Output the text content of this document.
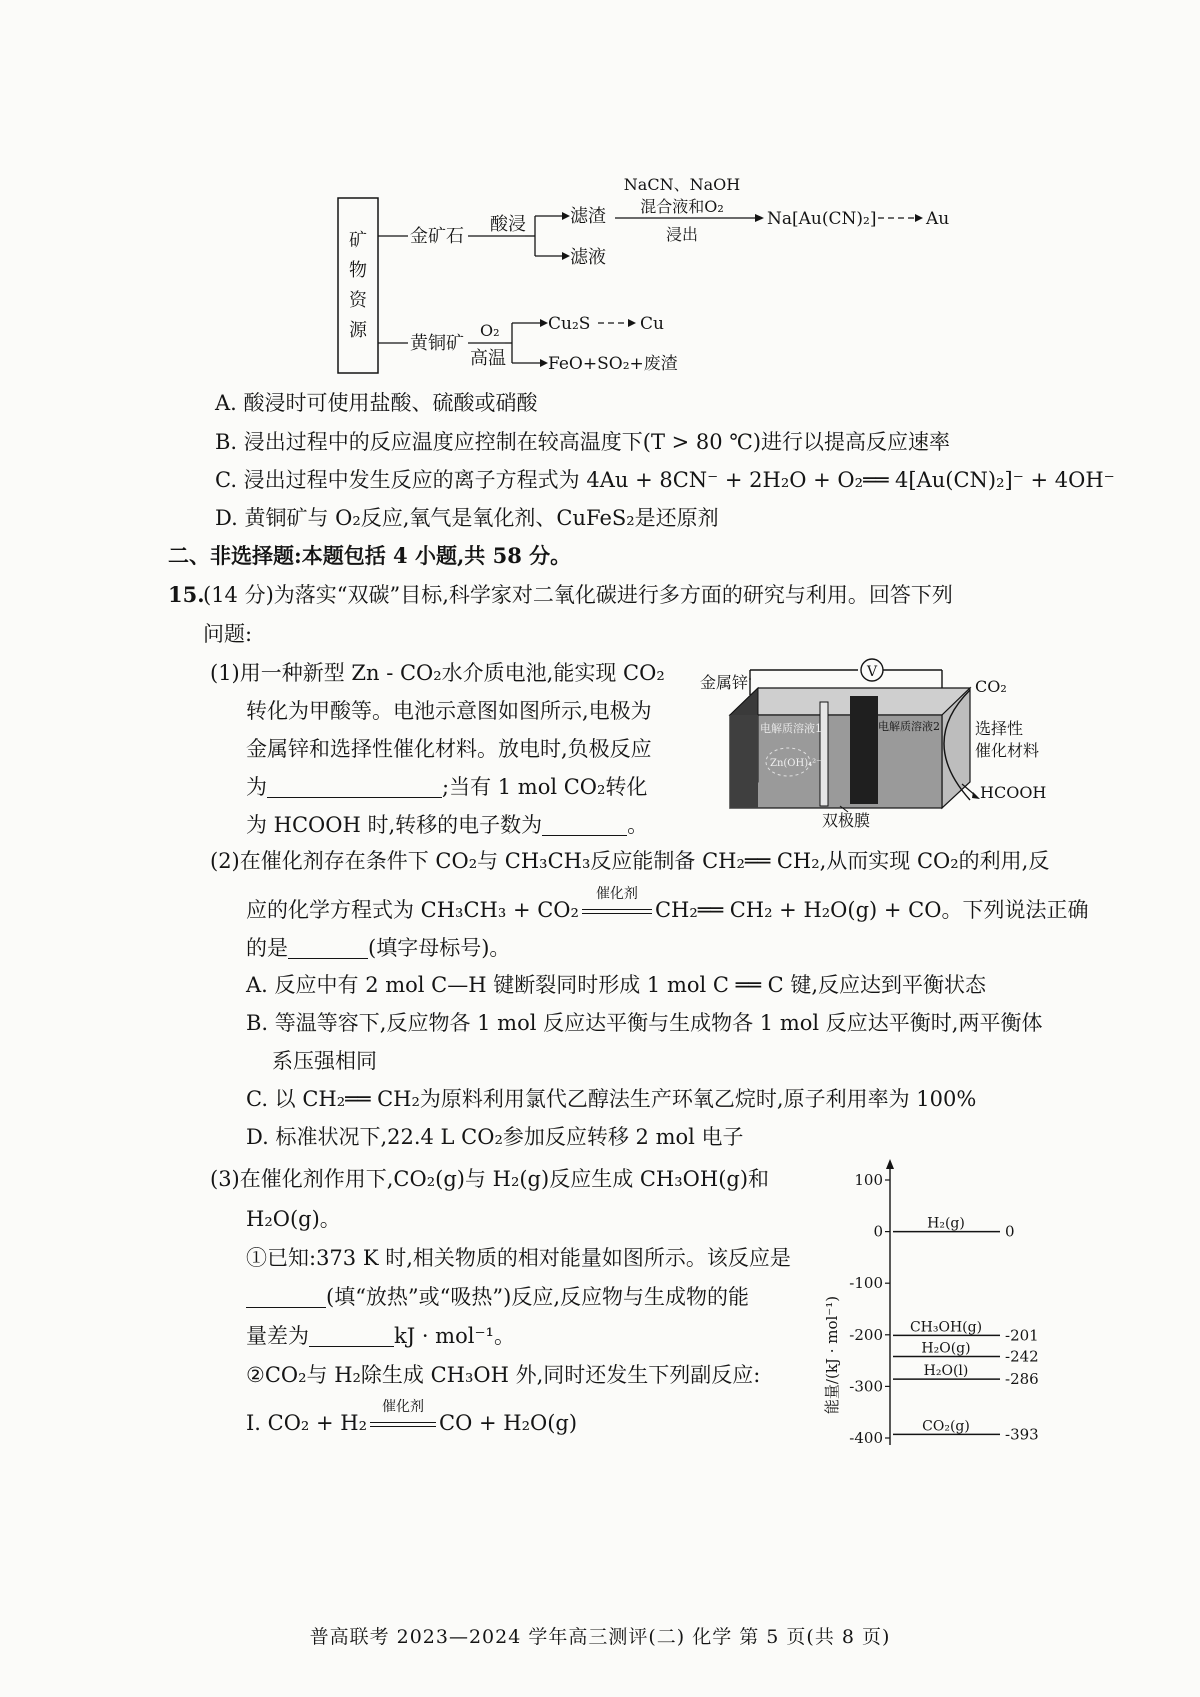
矿
物
资
源
金矿石
酸浸 滤渣
滤液
NaCN、NaOH
混合液和O₂
浸出
Na[Au(CN)₂]	Au
黄铜矿
O₂
高温
Cu₂S	Cu
FeO+SO₂+废渣
A. 酸浸时可使用盐酸、硫酸或硝酸
B. 浸出过程中的反应温度应控制在较高温度下(T > 80 ℃)进行以提高反应速率
C. 浸出过程中发生反应的离子方程式为 4Au + 8CN⁻ + 2H₂O + O₂══ 4[Au(CN)₂]⁻ + 4OH⁻
D. 黄铜矿与 O₂反应,氧气是氧化剂、CuFeS₂是还原剂
二、非选择题:本题包括 4 小题,共 58 分。
15.
(14 分)为落实“双碳”目标,科学家对二氧化碳进行多方面的研究与利用。回答下列
问题:
(1)用一种新型 Zn - CO₂水介质电池,能实现 CO₂
转化为甲酸等。电池示意图如图所示,电极为
金属锌和选择性催化材料。放电时,负极反应
为	;当有 1 mol CO₂转化
为 HCOOH 时,转移的电子数为	。
金属锌
V
电解质溶液1	电解质溶液2
Zn(OH)₄²⁻
CO₂
选择性
催化材料
HCOOH
双极膜
(2)在催化剂存在条件下 CO₂与 CH₃CH₃反应能制备 CH₂══ CH₂,从而实现 CO₂的利用,反
应的化学方程式为 CH₃CH₃ + CO₂
催化剂
CH₂══ CH₂ + H₂O(g) + CO。下列说法正确
的是	(填字母标号)。
A. 反应中有 2 mol C—H 键断裂同时形成 1 mol C ══ C 键,反应达到平衡状态
B. 等温等容下,反应物各 1 mol 反应达平衡与生成物各 1 mol 反应达平衡时,两平衡体
系压强相同
C. 以 CH₂══ CH₂为原料利用氯代乙醇法生产环氧乙烷时,原子利用率为 100%
D. 标准状况下,22.4 L CO₂参加反应转移 2 mol 电子
(3)在催化剂作用下,CO₂(g)与 H₂(g)反应生成 CH₃OH(g)和
H₂O(g)。
①已知:373 K 时,相关物质的相对能量如图所示。该反应是
(填“放热”或“吸热”)反应,反应物与生成物的能
量差为	kJ · mol⁻¹。
②CO₂与 H₂除生成 CH₃OH 外,同时还发生下列副反应:
Ⅰ. CO₂ + H₂
催化剂
CO + H₂O(g)
100
0
-100
-200
-300
-400
H₂(g)	0
CH₃OH(g) -201
H₂O(g) -242
H₂O(l) -286
CO₂(g) -393
能量/(kJ · mol⁻¹)
普高联考 2023—2024 学年高三测评(二) 化学 第 5 页(共 8 页)
